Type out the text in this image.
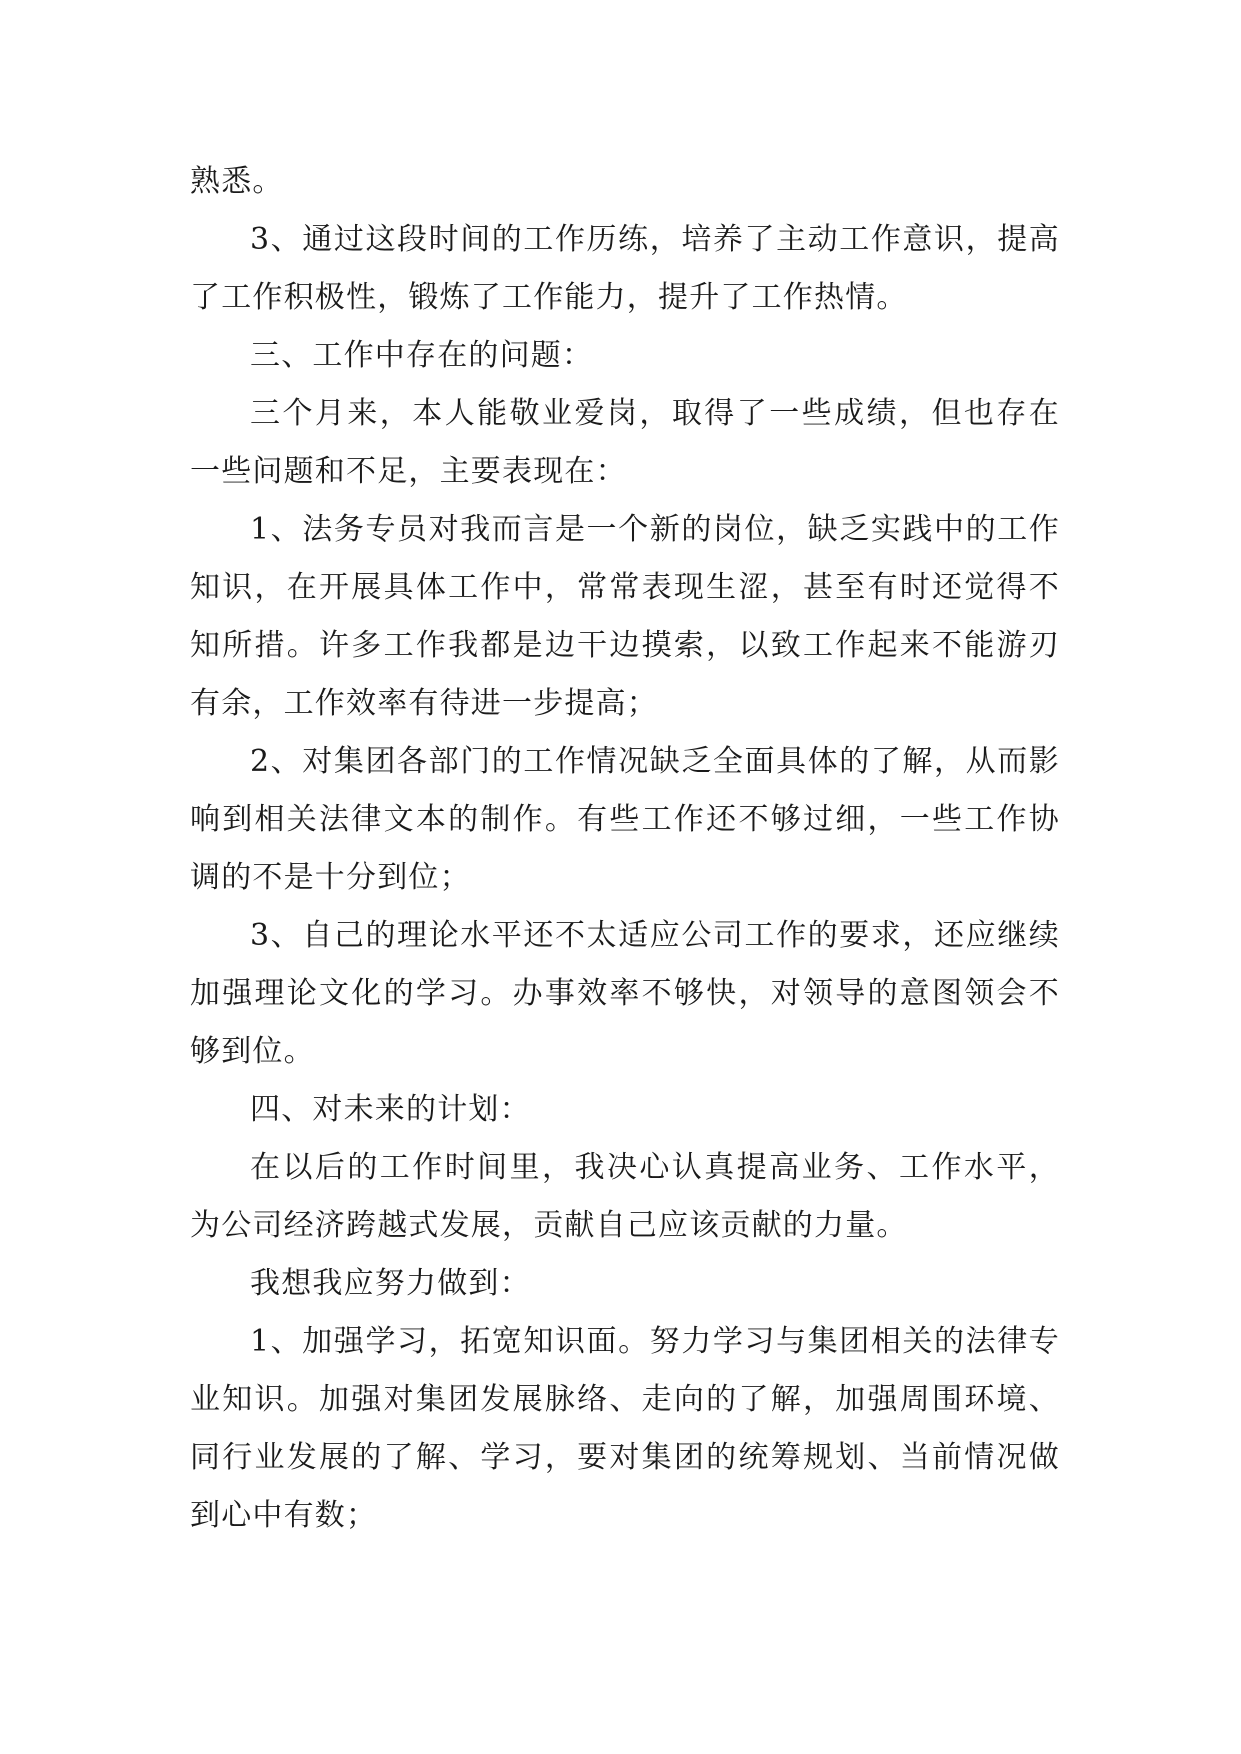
熟悉。

3、通过这段时间的工作历练，培养了主动工作意识，提高了工作积极性，锻炼了工作能力，提升了工作热情。

三、工作中存在的问题：

三个月来，本人能敬业爱岗，取得了一些成绩，但也存在一些问题和不足，主要表现在：

1、法务专员对我而言是一个新的岗位，缺乏实践中的工作知识，在开展具体工作中，常常表现生涩，甚至有时还觉得不知所措。许多工作我都是边干边摸索，以致工作起来不能游刃有余，工作效率有待进一步提高；

2、对集团各部门的工作情况缺乏全面具体的了解，从而影响到相关法律文本的制作。有些工作还不够过细，一些工作协调的不是十分到位；

3、自己的理论水平还不太适应公司工作的要求，还应继续加强理论文化的学习。办事效率不够快，对领导的意图领会不够到位。

四、对未来的计划：

在以后的工作时间里，我决心认真提高业务、工作水平，为公司经济跨越式发展，贡献自己应该贡献的力量。

我想我应努力做到：

1、加强学习，拓宽知识面。努力学习与集团相关的法律专业知识。加强对集团发展脉络、走向的了解，加强周围环境、同行业发展的了解、学习，要对集团的统筹规划、当前情况做到心中有数；
